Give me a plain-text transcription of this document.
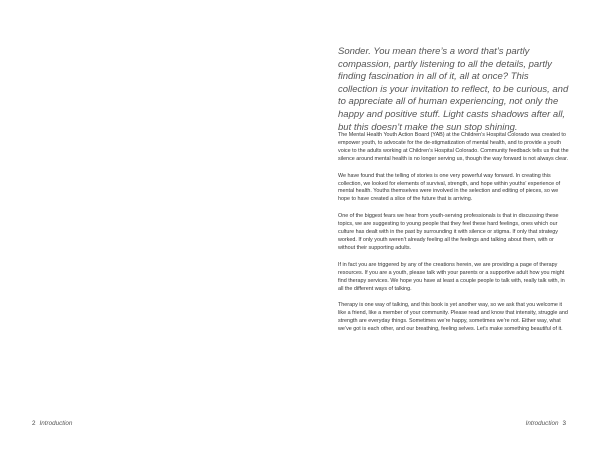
2 Introduction

Sonder. You mean there’s a word that’s partly compassion, partly listening to all the details, partly finding fascination in all of it, all at once? This collection is your invitation to reflect, to be curious, and to appreciate all of human experiencing, not only the happy and positive stuff. Light casts shadows after all, but this doesn’t make the sun stop shining.

The Mental Health Youth Action Board (YAB) at the Children’s Hospital Colorado was created to empower youth, to advocate for the de-stigmatization of mental health, and to provide a youth voice to the adults working at Children’s Hospital Colorado. Community feedback tells us that the silence around mental health is no longer serving us, though the way forward is not always clear.

We have found that the telling of stories is one very powerful way forward. In creating this collection, we looked for elements of survival, strength, and hope within youths’ experience of mental health. Youths themselves were involved in the selection and editing of pieces, so we hope to have created a slice of the future that is arriving.

One of the biggest fears we hear from youth-serving professionals is that in discussing these topics, we are suggesting to young people that they feel these hard feelings, ones which our culture has dealt with in the past by surrounding it with silence or stigma. If only that strategy worked. If only youth weren’t already feeling all the feelings and talking about them, with or without their supporting adults.

If in fact you are triggered by any of the creations herein, we are providing a page of therapy resources. If you are a youth, please talk with your parents or a supportive adult how you might find therapy services. We hope you have at least a couple people to talk with, really talk with, in all the different ways of talking.

Therapy is one way of talking, and this book is yet another way, so we ask that you welcome it like a friend, like a member of your community. Please read and know that intensity, struggle and strength are everyday things. Sometimes we’re happy, sometimes we’re not. Either way, what we’ve got is each other, and our breathing, feeling selves. Let’s make something beautiful of it.

Introduction 3
